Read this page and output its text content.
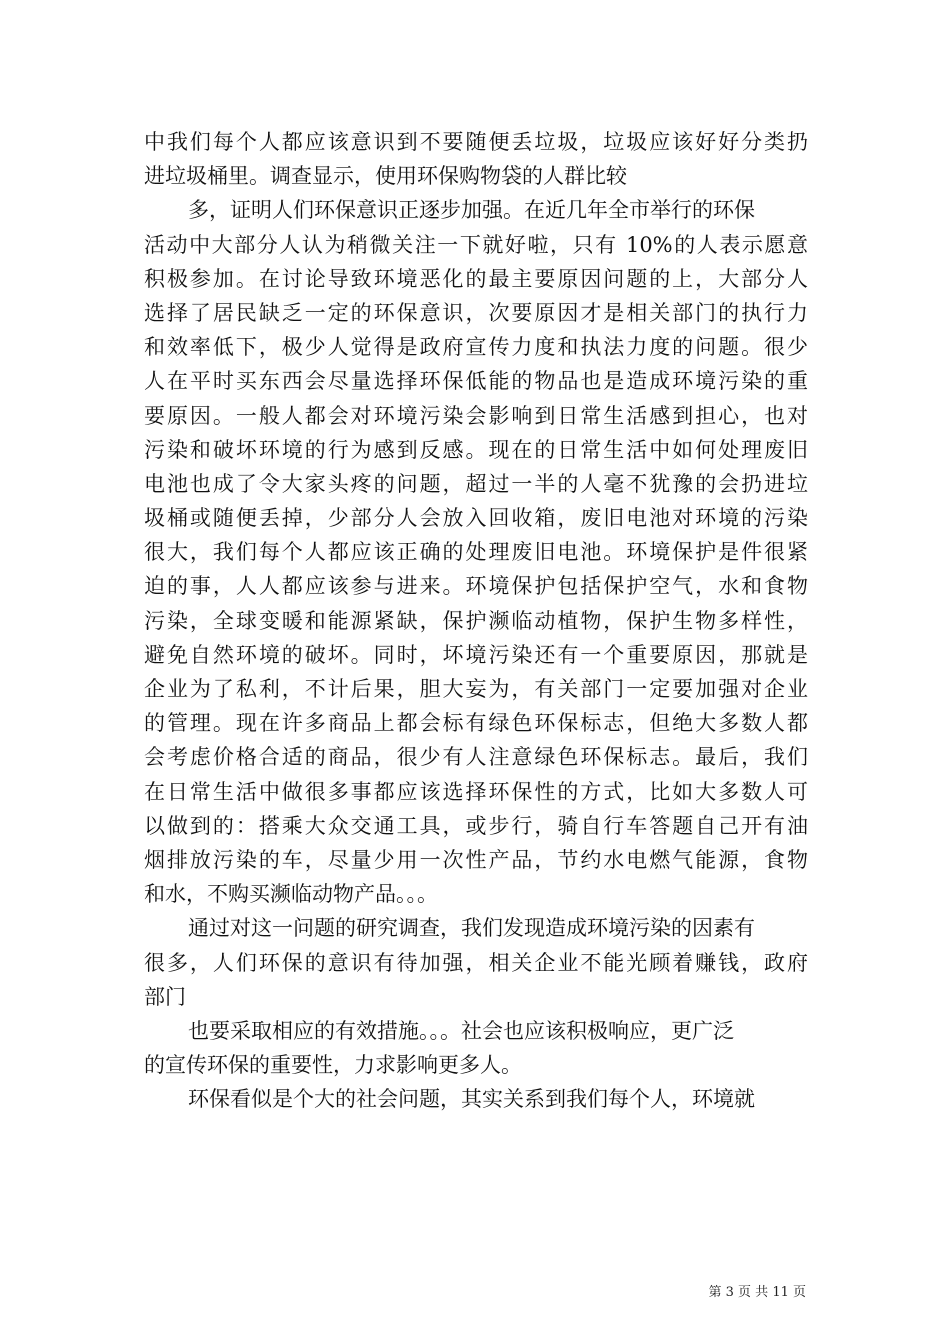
中我们每个人都应该意识到不要随便丢垃圾，垃圾应该好好分类扔
进垃圾桶里。调查显示，使用环保购物袋的人群比较
多，证明人们环保意识正逐步加强。在近几年全市举行的环保
活动中大部分人认为稍微关注一下就好啦，只有 10%的人表示愿意
积极参加。在讨论导致环境恶化的最主要原因问题的上，大部分人
选择了居民缺乏一定的环保意识，次要原因才是相关部门的执行力
和效率低下，极少人觉得是政府宣传力度和执法力度的问题。很少
人在平时买东西会尽量选择环保低能的物品也是造成环境污染的重
要原因。一般人都会对环境污染会影响到日常生活感到担心，也对
污染和破坏环境的行为感到反感。现在的日常生活中如何处理废旧
电池也成了令大家头疼的问题，超过一半的人毫不犹豫的会扔进垃
圾桶或随便丢掉，少部分人会放入回收箱，废旧电池对环境的污染
很大，我们每个人都应该正确的处理废旧电池。环境保护是件很紧
迫的事，人人都应该参与进来。环境保护包括保护空气，水和食物
污染，全球变暖和能源紧缺，保护濒临动植物，保护生物多样性，
避免自然环境的破坏。同时，坏境污染还有一个重要原因，那就是
企业为了私利，不计后果，胆大妄为，有关部门一定要加强对企业
的管理。现在许多商品上都会标有绿色环保标志，但绝大多数人都
会考虑价格合适的商品，很少有人注意绿色环保标志。最后，我们
在日常生活中做很多事都应该选择环保性的方式，比如大多数人可
以做到的：搭乘大众交通工具，或步行，骑自行车答题自己开有油
烟排放污染的车，尽量少用一次性产品，节约水电燃气能源，食物
和水，不购买濒临动物产品。。。
通过对这一问题的研究调查，我们发现造成环境污染的因素有
很多，人们环保的意识有待加强，相关企业不能光顾着赚钱，政府
部门
也要采取相应的有效措施。。。社会也应该积极响应，更广泛
的宣传环保的重要性，力求影响更多人。
环保看似是个大的社会问题，其实关系到我们每个人，环境就
第 3 页 共 11 页
